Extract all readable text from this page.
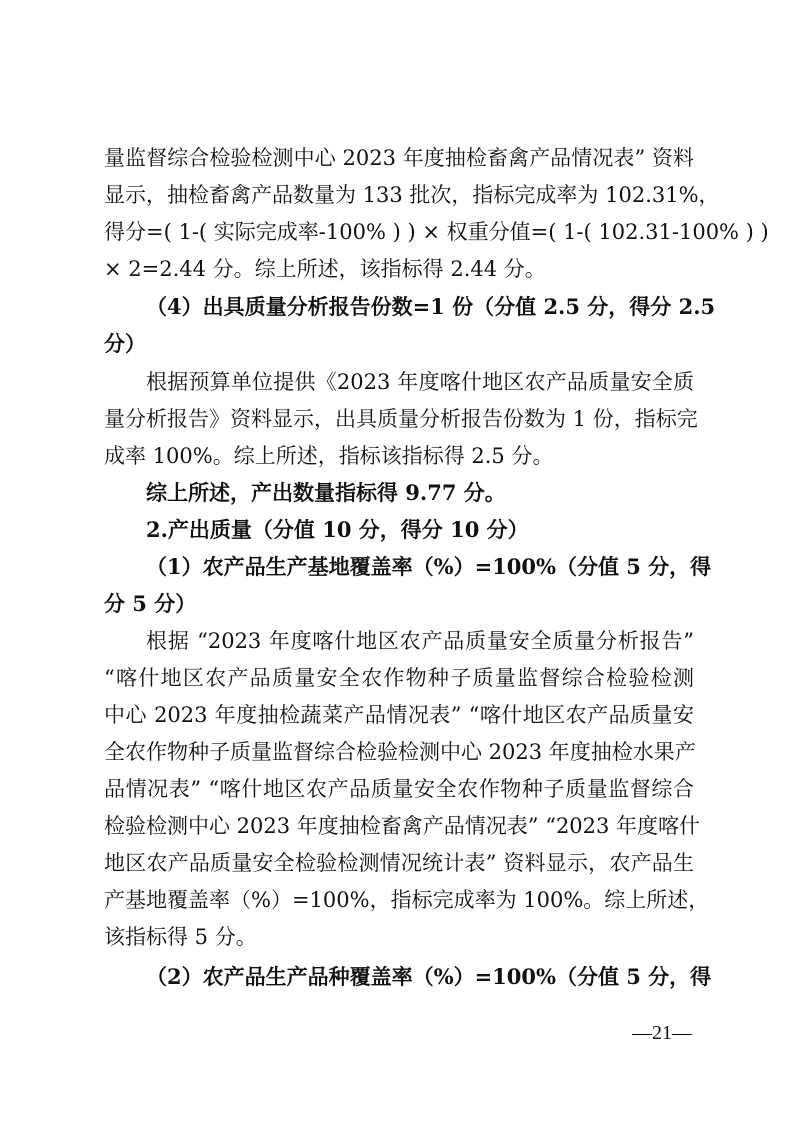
量监督综合检验检测中心 2023 年度抽检畜禽产品情况表” 资料
显示，抽检畜禽产品数量为 133 批次，指标完成率为 102.31%，
得分=( 1-( 实际完成率-100% ) ) × 权重分值=( 1-( 102.31-100% ) )
× 2=2.44 分。综上所述，该指标得 2.44 分。
（4）出具质量分析报告份数=1 份（分值 2.5 分，得分 2.5
分）
根据预算单位提供《2023 年度喀什地区农产品质量安全质
量分析报告》资料显示，出具质量分析报告份数为 1 份，指标完
成率 100%。综上所述，指标该指标得 2.5 分。
综上所述，产出数量指标得 9.77 分。
2.产出质量（分值 10 分，得分 10 分）
（1）农产品生产基地覆盖率（%）=100%（分值 5 分，得
分 5 分）
根据 “2023 年度喀什地区农产品质量安全质量分析报告”
“喀什地区农产品质量安全农作物种子质量监督综合检验检测
中心 2023 年度抽检蔬菜产品情况表” “喀什地区农产品质量安
全农作物种子质量监督综合检验检测中心 2023 年度抽检水果产
品情况表” “喀什地区农产品质量安全农作物种子质量监督综合
检验检测中心 2023 年度抽检畜禽产品情况表” “2023 年度喀什
地区农产品质量安全检验检测情况统计表” 资料显示，农产品生
产基地覆盖率（%）=100%，指标完成率为 100%。综上所述，
该指标得 5 分。
（2）农产品生产品种覆盖率（%）=100%（分值 5 分，得
—21—
